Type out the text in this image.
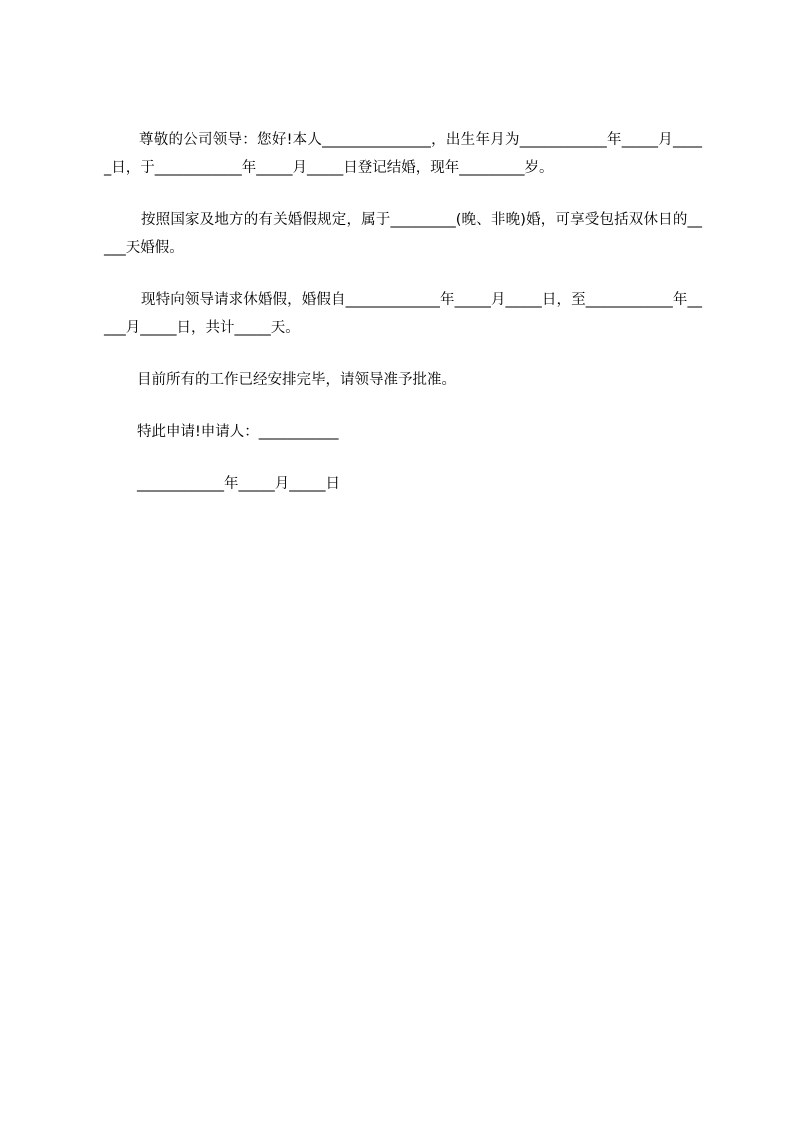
尊敬的公司领导：您好!本人_______________，出生年月为____________年_____月_____日，于____________年_____月_____日登记结婚，现年_________岁。

按照国家及地方的有关婚假规定，属于_________(晚、非晚)婚，可享受包括双休日的_____天婚假。

现特向领导请求休婚假，婚假自_____________年_____月_____日，至____________年_____月_____日，共计_____天。

目前所有的工作已经安排完毕，请领导准予批准。

特此申请!申请人：___________

____________年_____月_____日
